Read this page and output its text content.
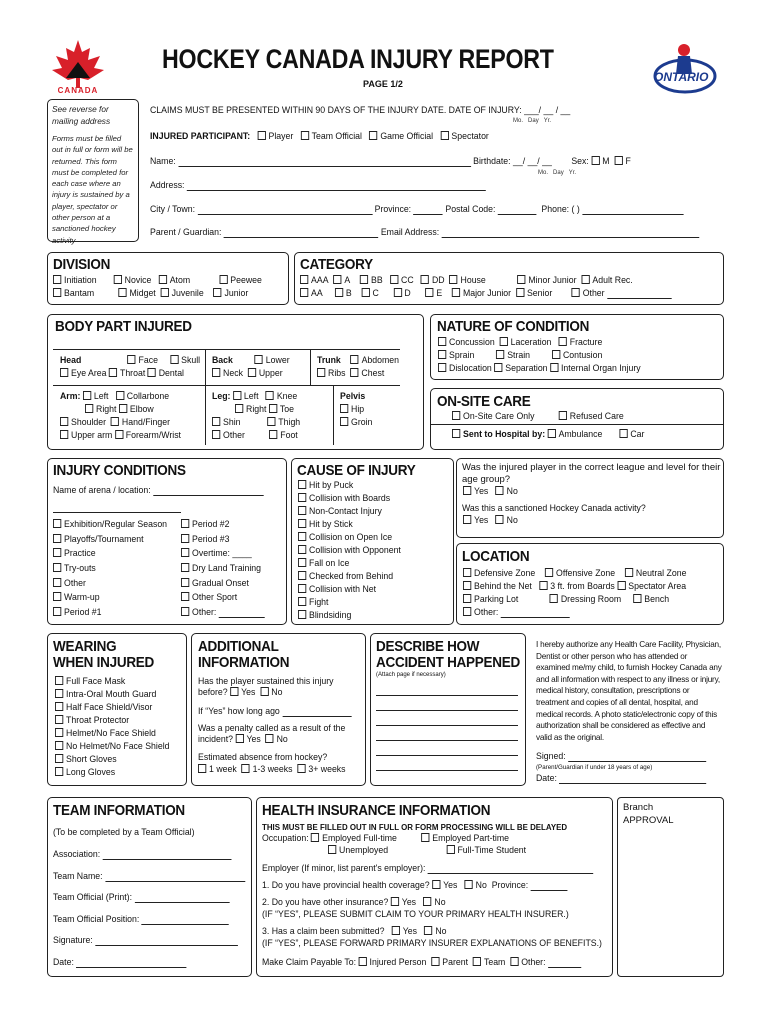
CANADA
HOCKEY CANADA INJURY REPORT
PAGE 1/2	ONTARIO
See reverse for mailing address
Forms must be filled out in full or form will be returned. This form must be completed for each case where an injury is sustained by a player, spectator or other person at a sanctioned hockey activity
CLAIMS MUST BE PRESENTED WITHIN 90 DAYS OF THE INJURY DATE. DATE OF INJURY: ___/ __ / __
Mo. Day Yr.
INJURED PARTICIPANT: Player Team Official Game Official Spectator
Name:	Birthdate: __/ __/ __ Sex: M F
Mo. Day Yr.
Address:
City / Town:	Province:	Postal Code:	Phone: ( )
Parent / Guardian:	Email Address:
DIVISION
Initiation	Novice Atom	Peewee
Bantam	Midget Juvenile Junior
CATEGORY
AAA A BB CC DD House	Minor Junior Adult Rec.
AA B C	D	E Major Junior Senior	Other
BODY PART INJURED
Head	Face Skull
Eye Area Throat Dental
Back	Lower
Neck Upper
Trunk Abdomen
Ribs Chest
Arm: Left Collarbone
Right Elbow
Shoulder Hand/Finger
Upper arm Forearm/Wrist
Leg: Left Knee
Right Toe
Shin	Thigh
Other	Foot
Pelvis
Hip
Groin
NATURE OF CONDITION
Concussion Laceration Fracture
Sprain	Strain	Contusion
Dislocation Separation Internal Organ Injury
ON-SITE CARE
On-Site Care Only	Refused Care
Sent to Hospital by: Ambulance	Car
INJURY CONDITIONS
Name of arena / location:
Exhibition/Regular Season
Playoffs/Tournament
Practice
Try-outs
Other
Warm-up
Period #1
Period #2
Period #3
Overtime: ____
Dry Land Training
Gradual Onset
Other Sport
Other:
CAUSE OF INJURY
Hit by Puck
Collision with Boards
Non-Contact Injury
Hit by Stick
Collision on Open Ice
Collision with Opponent
Fall on Ice
Checked from Behind
Collision with Net
Fight
Blindsiding
Was the injured player in the correct league and level for their age group?
Yes No
Was this a sanctioned Hockey Canada activity?
Yes No
LOCATION
Defensive Zone Offensive Zone Neutral Zone
Behind the Net 3 ft. from Boards Spectator Area
Parking Lot	Dressing Room Bench
Other:
WEARING
WHEN INJURED
Full Face Mask
Intra-Oral Mouth Guard
Half Face Shield/Visor
Throat Protector
Helmet/No Face Shield
No Helmet/No Face Shield
Short Gloves
Long Gloves
ADDITIONAL
INFORMATION
Has the player sustained this injury
before? Yes No
If “Yes” how long ago
Was a penalty called as a result of the
incident? Yes No
Estimated absence from hockey?
1 week 1-3 weeks 3+ weeks
DESCRIBE HOW
ACCIDENT HAPPENED
(Attach page if necessary)
I hereby authorize any Health Care Facility, Physician, Dentist or other person who has attended or examined me/my child, to furnish Hockey Canada any and all information with respect to any illness or injury, medical history, consultation, prescriptions or treatment and copies of all dental, hospital, and medical records. A photo static/electronic copy of this authorization shall be considered as effective and valid as the original.
Signed:
(Parent/Guardian if under 18 years of age)
Date:
TEAM INFORMATION
(To be completed by a Team Official)
Association:
Team Name:
Team Official (Print):
Team Official Position:
Signature:
Date:
HEALTH INSURANCE INFORMATION
THIS MUST BE FILLED OUT IN FULL OR FORM PROCESSING WILL BE DELAYED
Occupation: Employed Full-time	Employed Part-time
Unemployed	Full-Time Student
Employer (If minor, list parent's employer):
1. Do you have provincial health coverage? Yes No Province:
2. Do you have other insurance? Yes No
(IF “YES”, PLEASE SUBMIT CLAIM TO YOUR PRIMARY HEALTH INSURER.)
3. Has a claim been submitted? Yes No
(IF “YES”, PLEASE FORWARD PRIMARY INSURER EXPLANATIONS OF BENEFITS.)
Make Claim Payable To: Injured Person Parent Team Other:
Branch
APPROVAL
